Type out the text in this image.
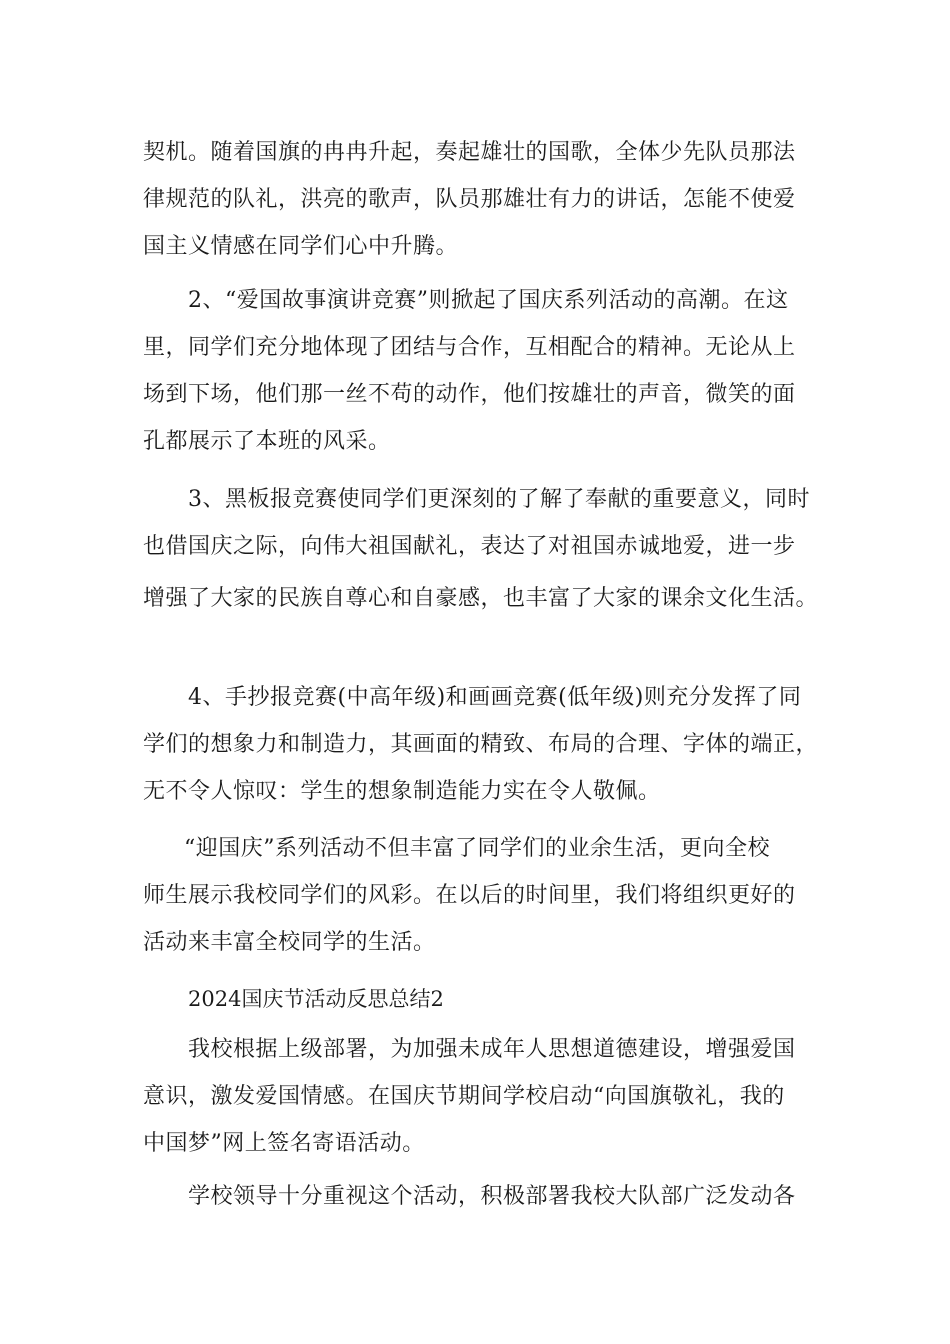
契机。随着国旗的冉冉升起，奏起雄壮的国歌，全体少先队员那法
律规范的队礼，洪亮的歌声，队员那雄壮有力的讲话，怎能不使爱
国主义情感在同学们心中升腾。
2、“爱国故事演讲竞赛”则掀起了国庆系列活动的高潮。在这
里，同学们充分地体现了团结与合作，互相配合的精神。无论从上
场到下场，他们那一丝不苟的动作，他们按雄壮的声音，微笑的面
孔都展示了本班的风采。
3、黑板报竞赛使同学们更深刻的了解了奉献的重要意义，同时
也借国庆之际，向伟大祖国献礼，表达了对祖国赤诚地爱，进一步
增强了大家的民族自尊心和自豪感，也丰富了大家的课余文化生活。
4、手抄报竞赛(中高年级)和画画竞赛(低年级)则充分发挥了同
学们的想象力和制造力，其画面的精致、布局的合理、字体的端正，
无不令人惊叹：学生的想象制造能力实在令人敬佩。
“迎国庆”系列活动不但丰富了同学们的业余生活，更向全校
师生展示我校同学们的风彩。在以后的时间里，我们将组织更好的
活动来丰富全校同学的生活。
2024国庆节活动反思总结2
我校根据上级部署，为加强未成年人思想道德建设，增强爱国
意识，激发爱国情感。在国庆节期间学校启动“向国旗敬礼，我的
中国梦”网上签名寄语活动。
学校领导十分重视这个活动，积极部署我校大队部广泛发动各
